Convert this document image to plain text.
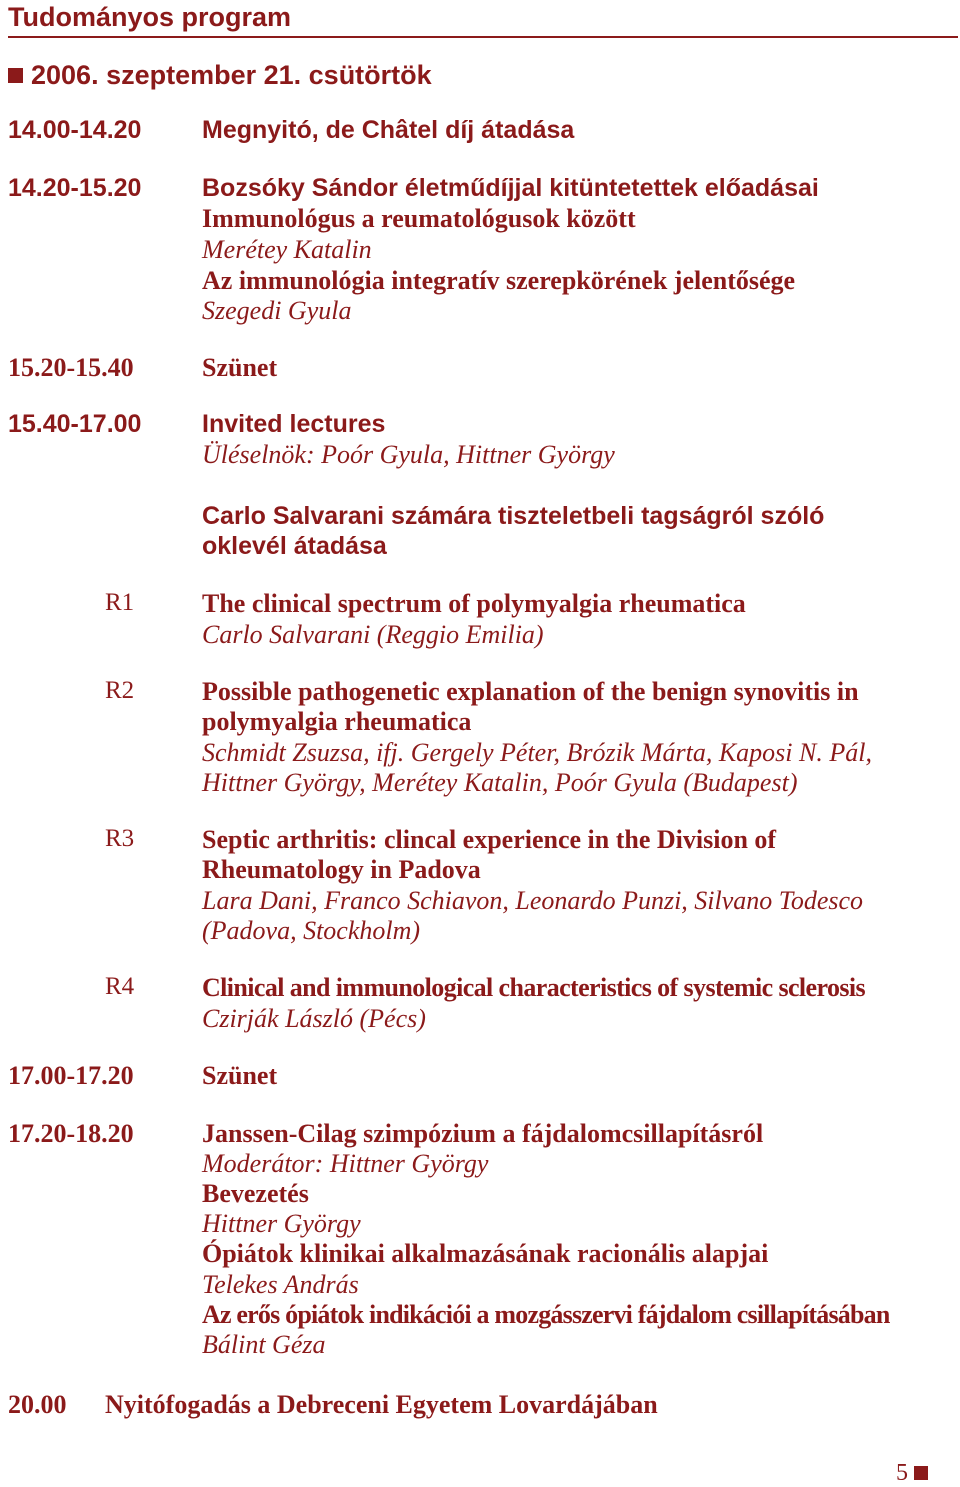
Tudományos program
2006. szeptember 21. csütörtök
14.00-14.20 Megnyitó, de Châtel díj átadása
14.20-15.20 Bozsóky Sándor életműdíjjal kitüntetettek előadásai
Immunológus a reumatológusok között
Merétey Katalin
Az immunológia integratív szerepkörének jelentősége
Szegedi Gyula
15.20-15.40	Szünet
15.40-17.00 Invited lectures
Üléselnök: Poór Gyula, Hittner György
Carlo Salvarani számára tiszteletbeli tagságról szóló
oklevél átadása
R1	The clinical spectrum of polymyalgia rheumatica
Carlo Salvarani (Reggio Emilia)
R2	Possible pathogenetic explanation of the benign synovitis in
polymyalgia rheumatica
Schmidt Zsuzsa, ifj. Gergely Péter, Brózik Márta, Kaposi N. Pál,
Hittner György, Merétey Katalin, Poór Gyula (Budapest)
R3	Septic arthritis: clincal experience in the Division of
Rheumatology in Padova
Lara Dani, Franco Schiavon, Leonardo Punzi, Silvano Todesco
(Padova, Stockholm)
R4	Clinical and immunological characteristics of systemic sclerosis
Czirják László (Pécs)
17.00-17.20	Szünet
17.20-18.20	Janssen-Cilag szimpózium a fájdalomcsillapításról
Moderátor: Hittner György
Bevezetés
Hittner György
Ópiátok klinikai alkalmazásának racionális alapjai
Telekes András
Az erős ópiátok indikációi a mozgásszervi fájdalom csillapításában
Bálint Géza
20.00 Nyitófogadás a Debreceni Egyetem Lovardájában
5
